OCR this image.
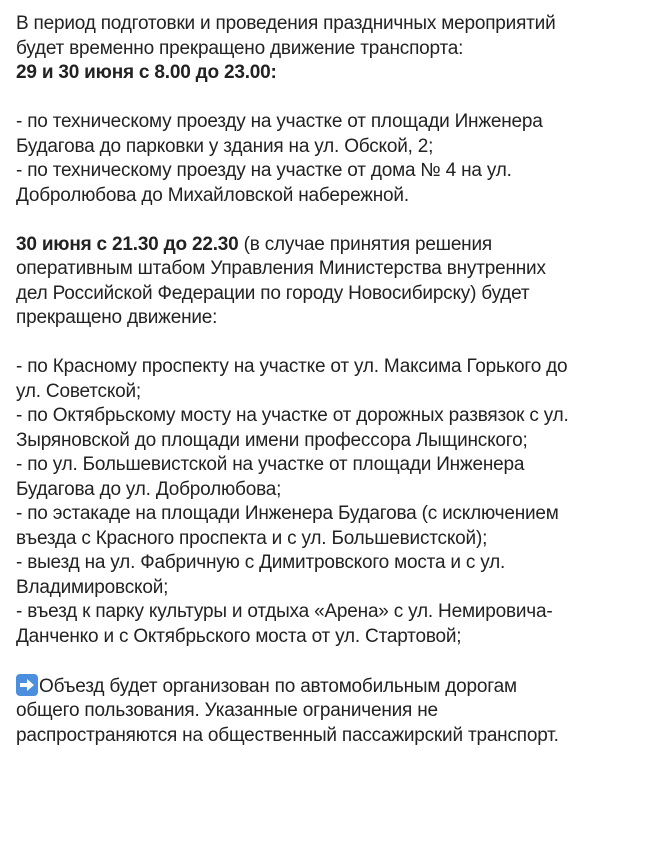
В период подготовки и проведения праздничных мероприятий
будет временно прекращено движение транспорта:
29 и 30 июня с 8.00 до 23.00:
- по техническому проезду на участке от площади Инженера
Будагова до парковки у здания на ул. Обской, 2;
- по техническому проезду на участке от дома № 4 на ул.
Добролюбова до Михайловской набережной.
30 июня с 21.30 до 22.30 (в случае принятия решения
оперативным штабом Управления Министерства внутренних
дел Российской Федерации по городу Новосибирску) будет
прекращено движение:
- по Красному проспекту на участке от ул. Максима Горького до
ул. Советской;
- по Октябрьскому мосту на участке от дорожных развязок с ул.
Зыряновской до площади имени профессора Лыщинского;
- по ул. Большевистской на участке от площади Инженера
Будагова до ул. Добролюбова;
- по эстакаде на площади Инженера Будагова (с исключением
въезда с Красного проспекта и с ул. Большевистской);
- выезд на ул. Фабричную с Димитровского моста и с ул.
Владимировской;
- въезд к парку культуры и отдыха «Арена» с ул. Немировича-
Данченко и с Октябрьского моста от ул. Стартовой;
Объезд будет организован по автомобильным дорогам
общего пользования. Указанные ограничения не
распространяются на общественный пассажирский транспорт.
